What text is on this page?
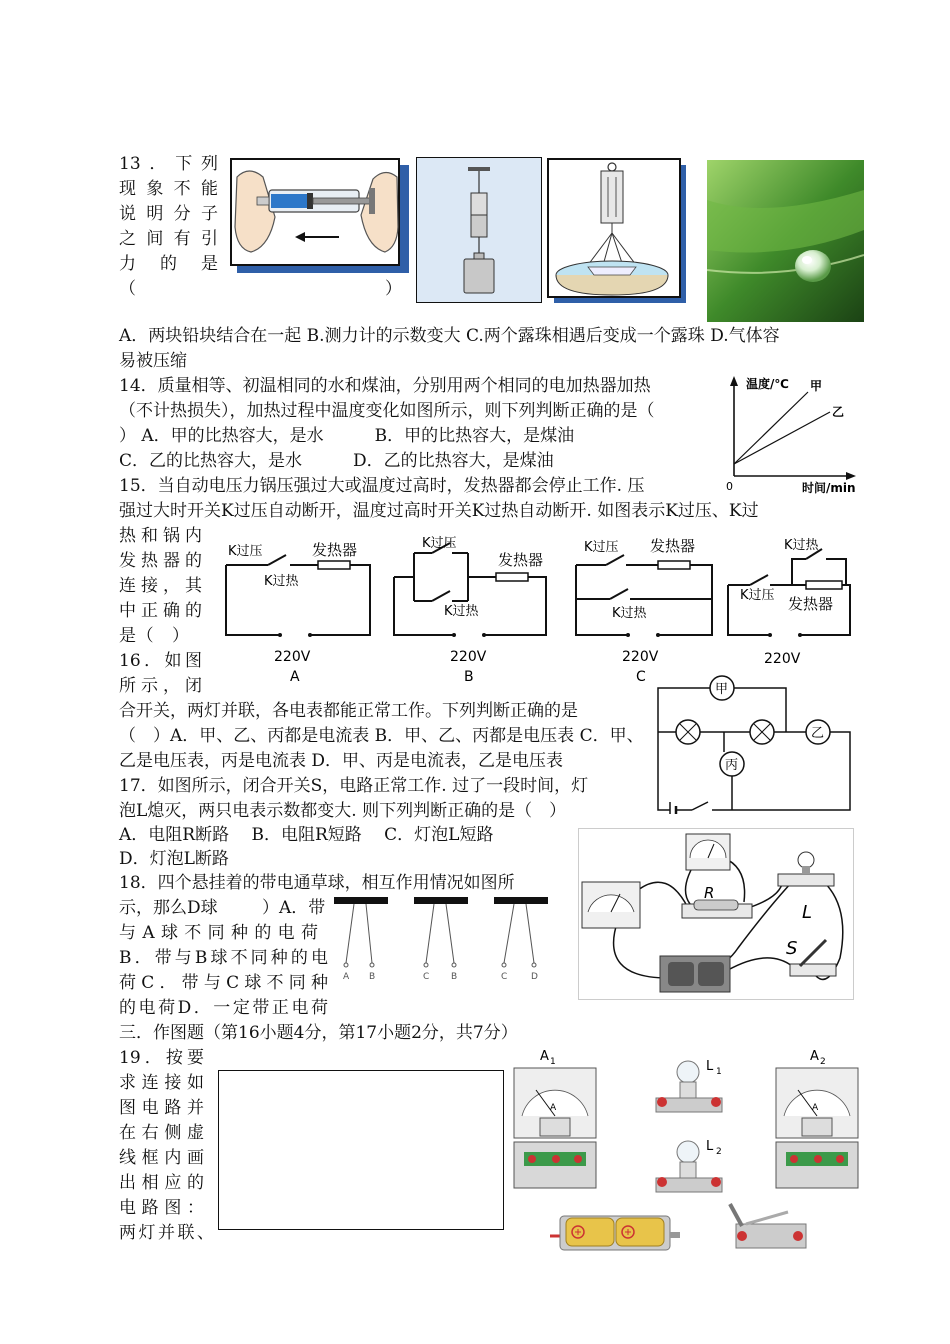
13．下列
现象不能
说明分子
之间有引
力的是
（	）
A．两块铅块结合在一起 B.测力计的示数变大 C.两个露珠相遇后变成一个露珠 D.气体容
易被压缩
14．质量相等、初温相同的水和煤油，分别用两个相同的电加热器加热
（不计热损失），加热过程中温度变化如图所示，则下列判断正确的是（
） A．甲的比热容大，是水　　　B．甲的比热容大，是煤油
C．乙的比热容大，是水　　　D．乙的比热容大，是煤油
温度/℃ 甲
乙
0	时间/min
15．当自动电压力锅压强过大或温度过高时，发热器都会停止工作. 压
强过大时开关K过压自动断开，温度过高时开关K过热自动断开. 如图表示K过压、K过
热和锅内
发热器的
连接，其
中正确的
是（　）
K过压
K过热
发热器
220V
A
K过压
K过热
发热器
220V
B
K过压
K过热
发热器
220V
C
K过热
K过压 发热器
220V
16．如图
所示，闭
合开关，两灯并联，各电表都能正常工作。下列判断正确的是
（　）A．甲、乙、丙都是电流表 B．甲、乙、丙都是电压表 C．甲、
乙是电压表，丙是电流表 D．甲、丙是电流表，乙是电压表
甲
乙
丙
17．如图所示，闭合开关S，电路正常工作. 过了一段时间，灯
泡L熄灭，两只电表示数都变大. 则下列判断正确的是（　）
A．电阻R断路　 B．电阻R短路　 C．灯泡L短路
D．灯泡L断路
R
L
S
18．四个悬挂着的带电通草球，相互作用情况如图所
示，那么D球	）A．带
与A球不同种的电荷
B．带与B球不同种的电
荷C．带与C球不同种
的电荷D．一定带正电荷
A B	C B	C	D
三．作图题（第16小题4分，第17小题2分，共7分）
19．按要
求连接如
图电路并
在右侧虚
线框内画
出相应的
电路图：
两灯并联、
A 1
A
L 1
L 2
A 2
A
